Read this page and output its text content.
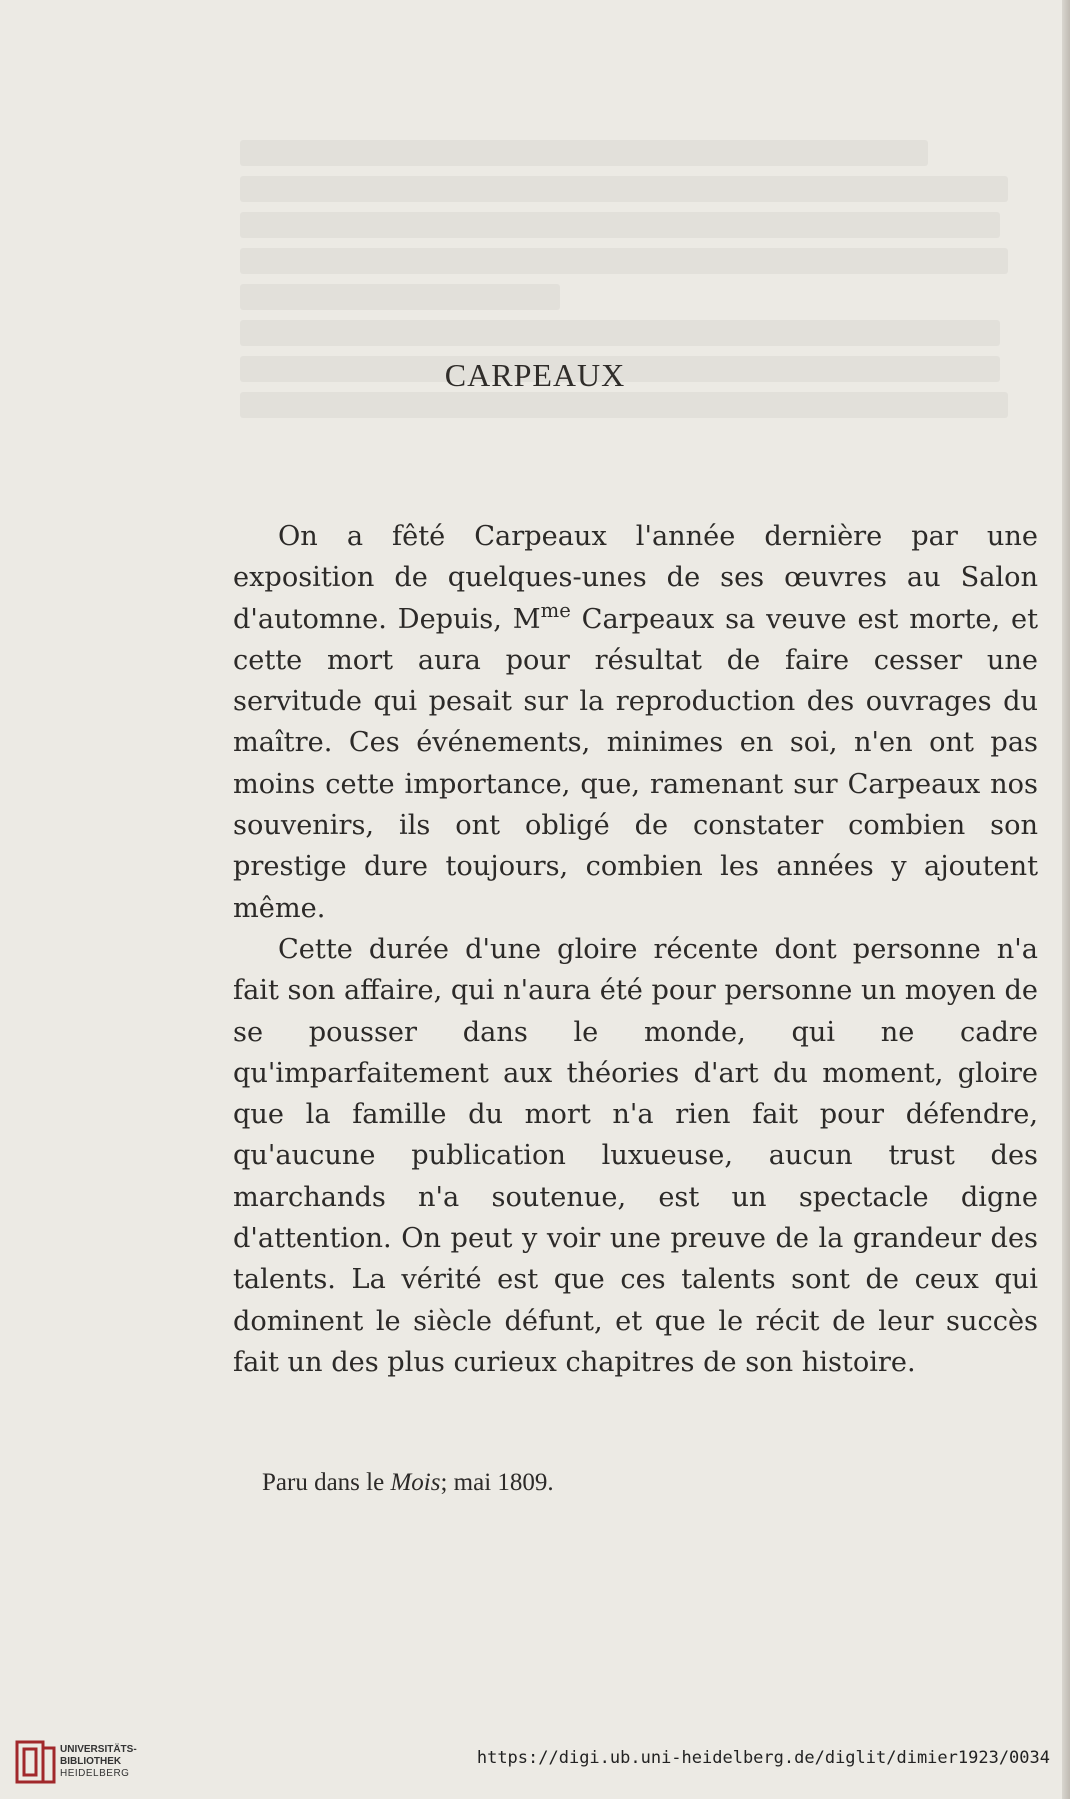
CARPEAUX

On a fêté Carpeaux l'année dernière par une exposition de quelques-unes de ses œuvres au Salon d'automne. Depuis, $M^{me}$ Carpeaux sa veuve est morte, et cette mort aura pour résultat de faire cesser une servitude qui pesait sur la reproduction des ouvrages du maître. Ces événements, minimes en soi, n'en ont pas moins cette importance, que, ramenant sur Carpeaux nos souvenirs, ils ont obligé de constater combien son prestige dure toujours, combien les années y ajoutent même.

Cette durée d'une gloire récente dont personne n'a fait son affaire, qui n'aura été pour personne un moyen de se pousser dans le monde, qui ne cadre qu'imparfaitement aux théories d'art du moment, gloire que la famille du mort n'a rien fait pour défendre, qu'aucune publication luxueuse, aucun trust des marchands n'a soutenue, est un spectacle digne d'attention. On peut y voir une preuve de la grandeur des talents. La vérité est que ces talents sont de ceux qui dominent le siècle défunt, et que le récit de leur succès fait un des plus curieux chapitres de son histoire.

Paru dans le Mois; mai 1809.
UNIVERSITÄTS-
BIBLIOTHEK
HEIDELBERG
https://digi.ub.uni-heidelberg.de/diglit/dimier1923/0034
